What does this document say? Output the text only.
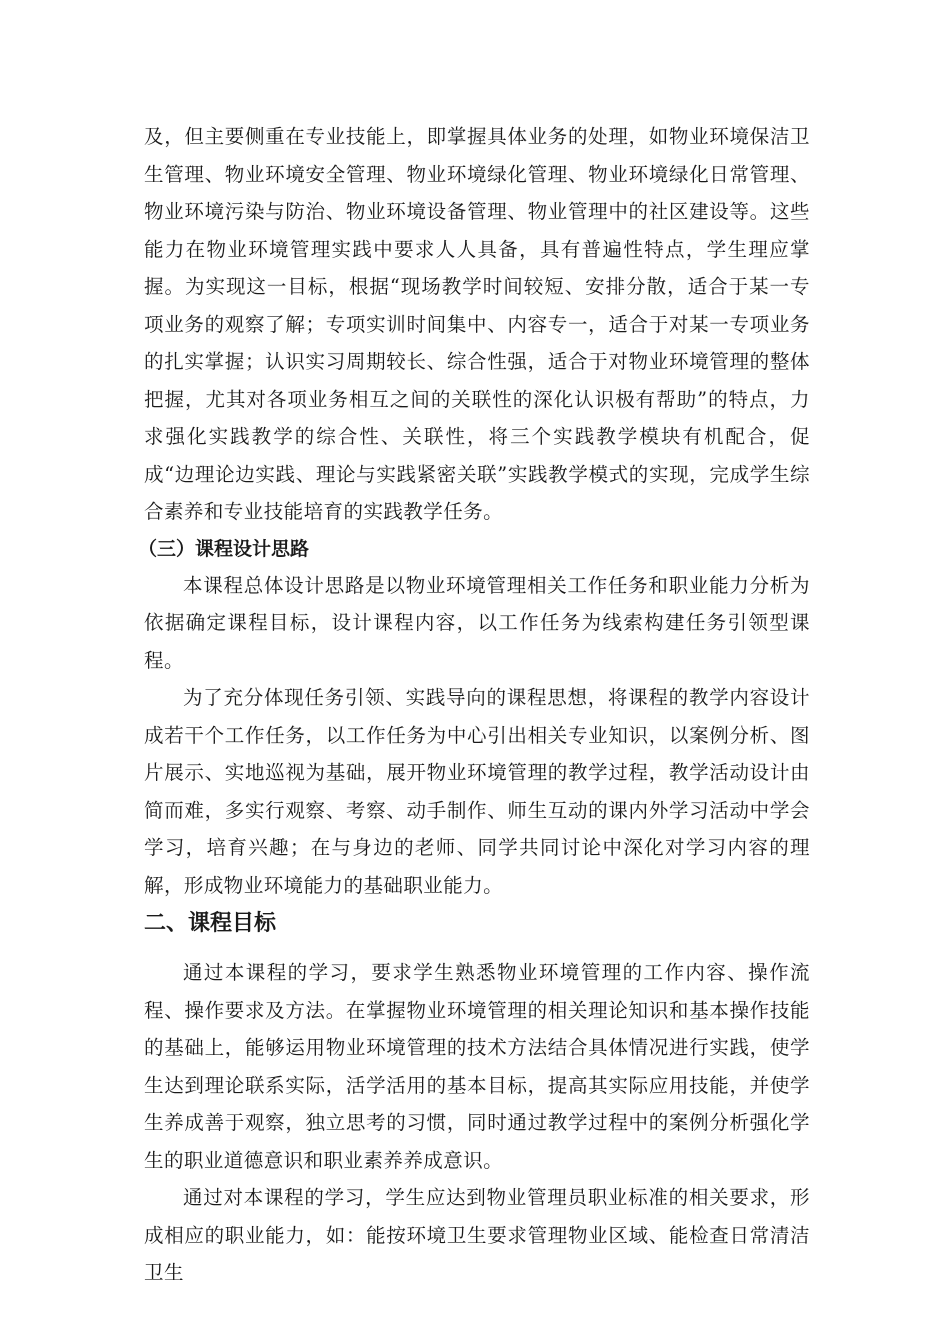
及，但主要侧重在专业技能上，即掌握具体业务的处理，如物业环境保洁卫生管理、物业环境安全管理、物业环境绿化管理、物业环境绿化日常管理、物业环境污染与防治、物业环境设备管理、物业管理中的社区建设等。这些能力在物业环境管理实践中要求人人具备，具有普遍性特点，学生理应掌握。为实现这一目标，根据“现场教学时间较短、安排分散，适合于某一专项业务的观察了解；专项实训时间集中、内容专一，适合于对某一专项业务的扎实掌握；认识实习周期较长、综合性强，适合于对物业环境管理的整体把握，尤其对各项业务相互之间的关联性的深化认识极有帮助”的特点，力求强化实践教学的综合性、关联性，将三个实践教学模块有机配合，促成“边理论边实践、理论与实践紧密关联”实践教学模式的实现，完成学生综合素养和专业技能培育的实践教学任务。

（三）课程设计思路

本课程总体设计思路是以物业环境管理相关工作任务和职业能力分析为依据确定课程目标，设计课程内容，以工作任务为线索构建任务引领型课程。

为了充分体现任务引领、实践导向的课程思想，将课程的教学内容设计成若干个工作任务，以工作任务为中心引出相关专业知识，以案例分析、图片展示、实地巡视为基础，展开物业环境管理的教学过程，教学活动设计由简而难，多实行观察、考察、动手制作、师生互动的课内外学习活动中学会学习，培育兴趣；在与身边的老师、同学共同讨论中深化对学习内容的理解，形成物业环境能力的基础职业能力。

二、课程目标

通过本课程的学习，要求学生熟悉物业环境管理的工作内容、操作流程、操作要求及方法。在掌握物业环境管理的相关理论知识和基本操作技能的基础上，能够运用物业环境管理的技术方法结合具体情况进行实践，使学生达到理论联系实际，活学活用的基本目标，提高其实际应用技能，并使学生养成善于观察，独立思考的习惯，同时通过教学过程中的案例分析强化学生的职业道德意识和职业素养养成意识。

通过对本课程的学习，学生应达到物业管理员职业标准的相关要求，形成相应的职业能力，如：能按环境卫生要求管理物业区域、能检查日常清洁卫生
